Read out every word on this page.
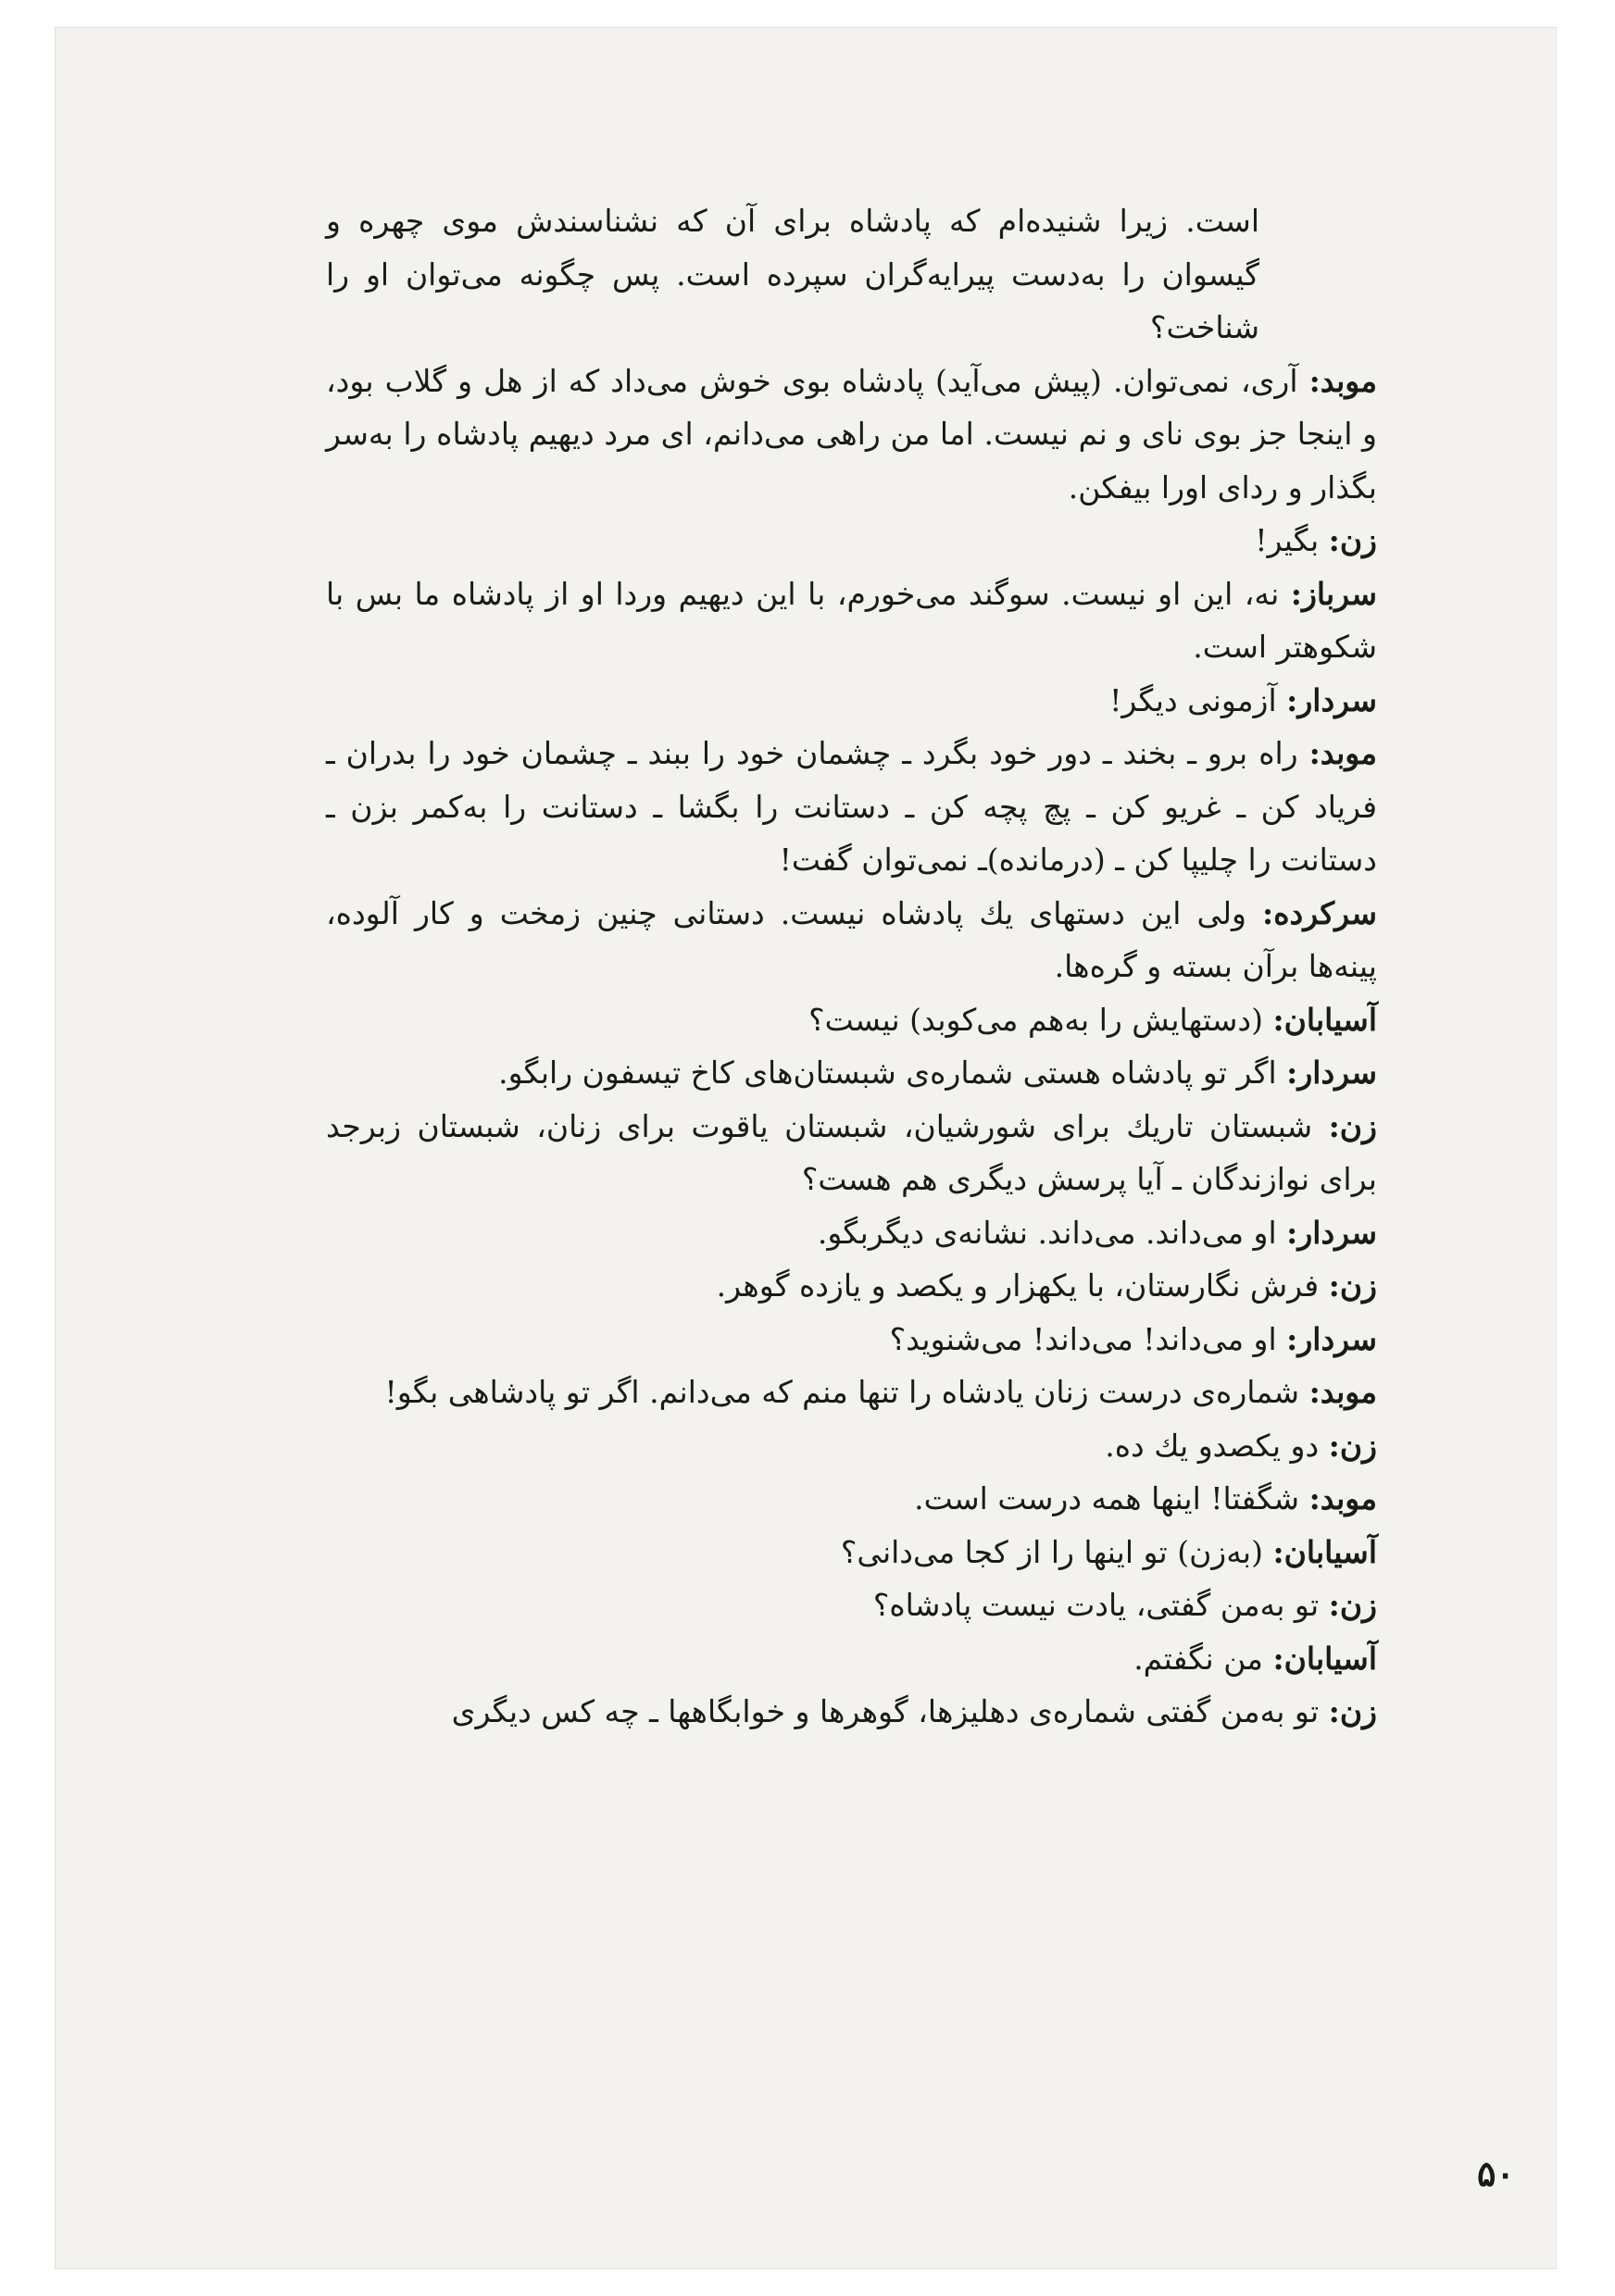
است. زیرا شنیده‌ام که پادشاه برای آن که نشناسندش موی چهره و گیسوان را به‌دست پیرایه‌گران سپرده است. پس چگونه می‌توان او را شناخت؟

موبد: آری، نمی‌توان. (پیش می‌آید) پادشاه بوی خوش می‌داد که از هل و گلاب بود، و اینجا جز بوی نای و نم نیست. اما من راهی می‌دانم، ای مرد دیهیم پادشاه را به‌سر بگذار و ردای اورا بیفکن.

زن: بگیر!

سرباز: نه، این او نیست. سوگند می‌خورم، با این دیهیم وردا او از پادشاه ما بس با شکوهتر است.

سردار: آزمونی دیگر!

موبد: راه برو ـ بخند ـ دور خود بگرد ـ چشمان خود را ببند ـ چشمان خود را بدران ـ فریاد کن ـ غریو کن ـ پچ پچه کن ـ دستانت را بگشا ـ دستانت را به‌کمر بزن ـ دستانت را چلیپا کن ـ (درمانده)ـ نمی‌توان گفت!

سرکرده: ولی این دستهای یك پادشاه نیست. دستانی چنین زمخت و کار آلوده، پینه‌ها برآن بسته و گره‌ها.

آسیابان: (دستهایش را به‌هم می‌کوبد) نیست؟

سردار: اگر تو پادشاه هستی شماره‌ی شبستان‌های کاخ تیسفون رابگو.

زن: شبستان تاریك برای شورشیان، شبستان یاقوت برای زنان، شبستان زبرجد برای نوازندگان ـ آیا پرسش دیگری هم هست؟

سردار: او می‌داند. می‌داند. نشانه‌ی دیگربگو.

زن: فرش نگارستان، با یکهزار و یکصد و یازده گوهر.

سردار: او می‌داند! می‌داند! می‌شنوید؟

موبد: شماره‌ی درست زنان یادشاه را تنها منم که می‌دانم. اگر تو پادشاهی بگو!

زن: دو یکصدو یك ده.

موبد: شگفتا! اینها همه درست است.

آسیابان: (به‌زن) تو اینها را از کجا می‌دانی؟

زن: تو به‌من گفتی، یادت نیست پادشاه؟

آسیابان: من نگفتم.

زن: تو به‌من گفتی شماره‌ی دهلیزها، گوهرها و خوابگاهها ـ چه کس دیگری

۵۰
